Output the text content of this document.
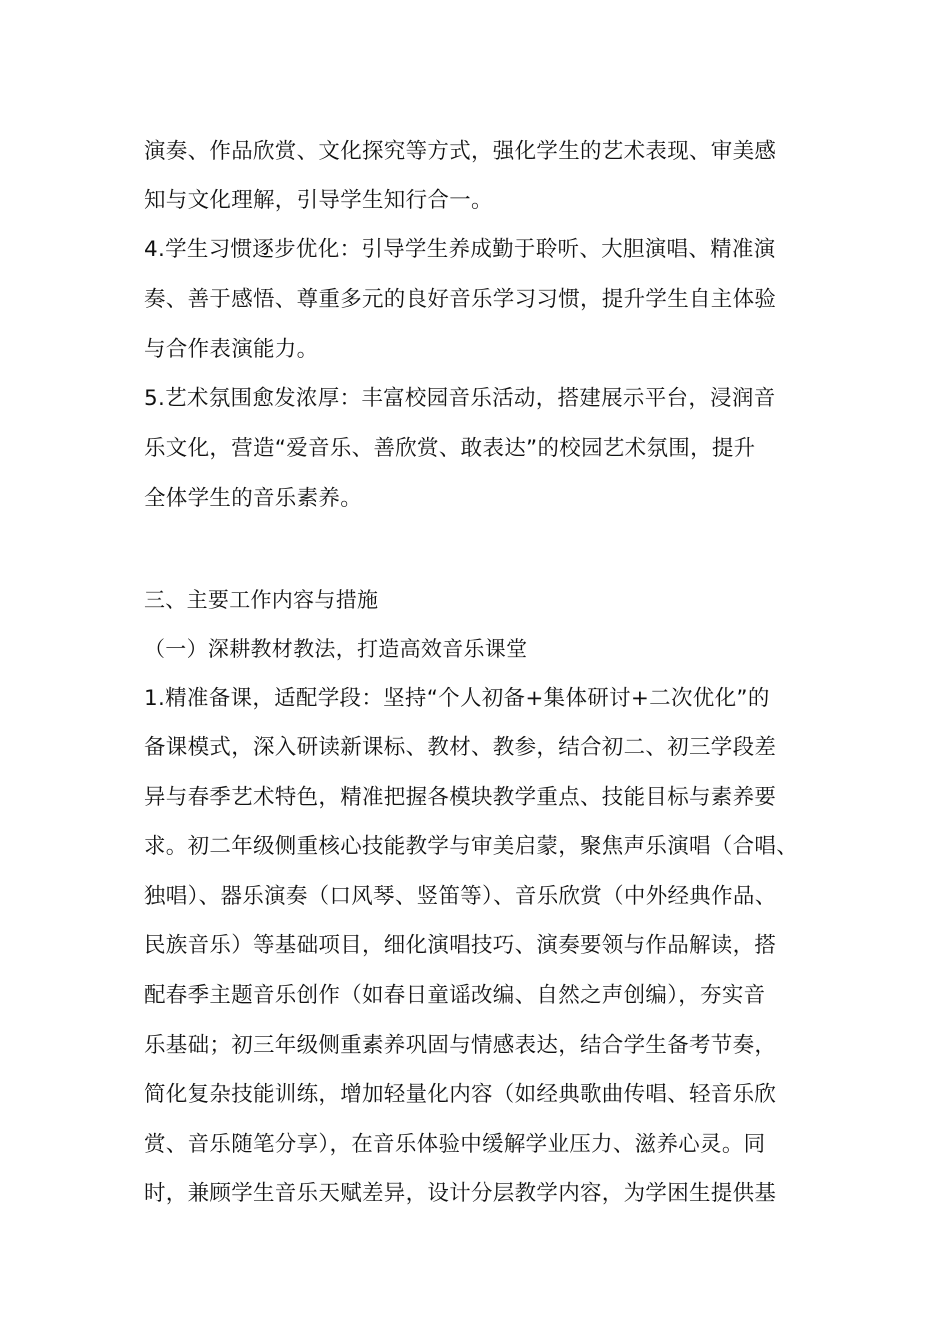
演奏、作品欣赏、文化探究等方式，强化学生的艺术表现、审美感
知与文化理解，引导学生知行合一。
4.学生习惯逐步优化：引导学生养成勤于聆听、大胆演唱、精准演
奏、善于感悟、尊重多元的良好音乐学习习惯，提升学生自主体验
与合作表演能力。
5.艺术氛围愈发浓厚：丰富校园音乐活动，搭建展示平台，浸润音
乐文化，营造“爱音乐、善欣赏、敢表达”的校园艺术氛围，提升
全体学生的音乐素养。
三、主要工作内容与措施
（一）深耕教材教法，打造高效音乐课堂
1.精准备课，适配学段：坚持“个人初备+集体研讨+二次优化”的
备课模式，深入研读新课标、教材、教参，结合初二、初三学段差
异与春季艺术特色，精准把握各模块教学重点、技能目标与素养要
求。初二年级侧重核心技能教学与审美启蒙，聚焦声乐演唱（合唱、
独唱）、器乐演奏（口风琴、竖笛等）、音乐欣赏（中外经典作品、
民族音乐）等基础项目，细化演唱技巧、演奏要领与作品解读，搭
配春季主题音乐创作（如春日童谣改编、自然之声创编），夯实音
乐基础；初三年级侧重素养巩固与情感表达，结合学生备考节奏，
简化复杂技能训练，增加轻量化内容（如经典歌曲传唱、轻音乐欣
赏、音乐随笔分享），在音乐体验中缓解学业压力、滋养心灵。同
时，兼顾学生音乐天赋差异，设计分层教学内容，为学困生提供基
